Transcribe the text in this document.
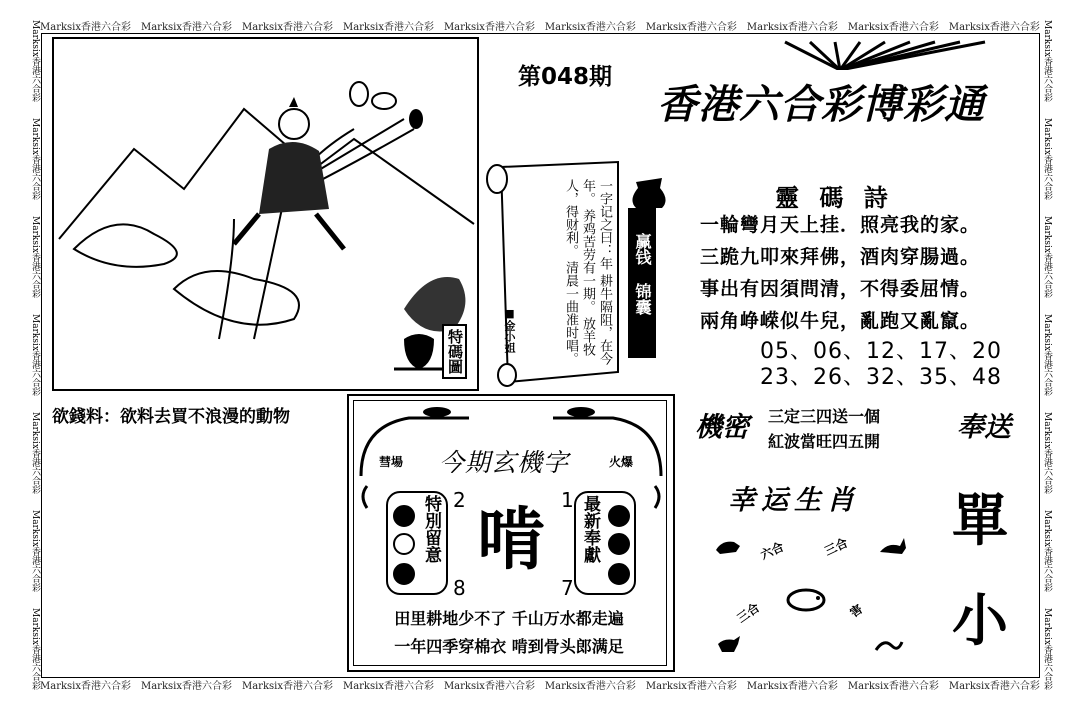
Marksix香港六合彩 Marksix香港六合彩 Marksix香港六合彩 Marksix香港六合彩 Marksix香港六合彩 Marksix香港六合彩 Marksix香港六合彩 Marksix香港六合彩 Marksix香港六合彩 Marksix香港六合彩
Marksix香港六合彩 Marksix香港六合彩 Marksix香港六合彩 Marksix香港六合彩 Marksix香港六合彩 Marksix香港六合彩 Marksix香港六合彩 Marksix香港六合彩 Marksix香港六合彩 Marksix香港六合彩
Marksix香港六合彩
Marksix香港六合彩
Marksix香港六合彩
Marksix香港六合彩
Marksix香港六合彩
Marksix香港六合彩
Marksix香港六合彩
Marksix香港六合彩
Marksix香港六合彩
Marksix香港六合彩
Marksix香港六合彩
Marksix香港六合彩
Marksix香港六合彩
Marksix香港六合彩
特碼圖
第048期
香港六合彩博彩通
一字记之曰：年 耕牛隔阻，在今年。 养鸡苦劳有一期。 放羊牧人，得财利。 清晨一曲准时唱。
■金小姐
赢钱
锦囊
靈 碼 詩
一輪彎月天上挂．照亮我的家。
三跪九叩來拜佛，酒肉穿腸過。
事出有因須問清，不得委屈情。
兩角峥嵘似牛兒，亂跑又亂竄。
05、06、12、17、20
23、26、32、35、48
欲錢料：欲料去買不浪漫的動物
彗場 今期玄機字	火爆
特別留意	最新奉獻
2	1
8	7
啃
田里耕地少不了 千山万水都走遍
一年四季穿棉衣 啃到骨头郎满足
機密 三定三四送一個
紅波當旺四五開	奉送
幸运生肖
六合	三合
三合	害
單
小
